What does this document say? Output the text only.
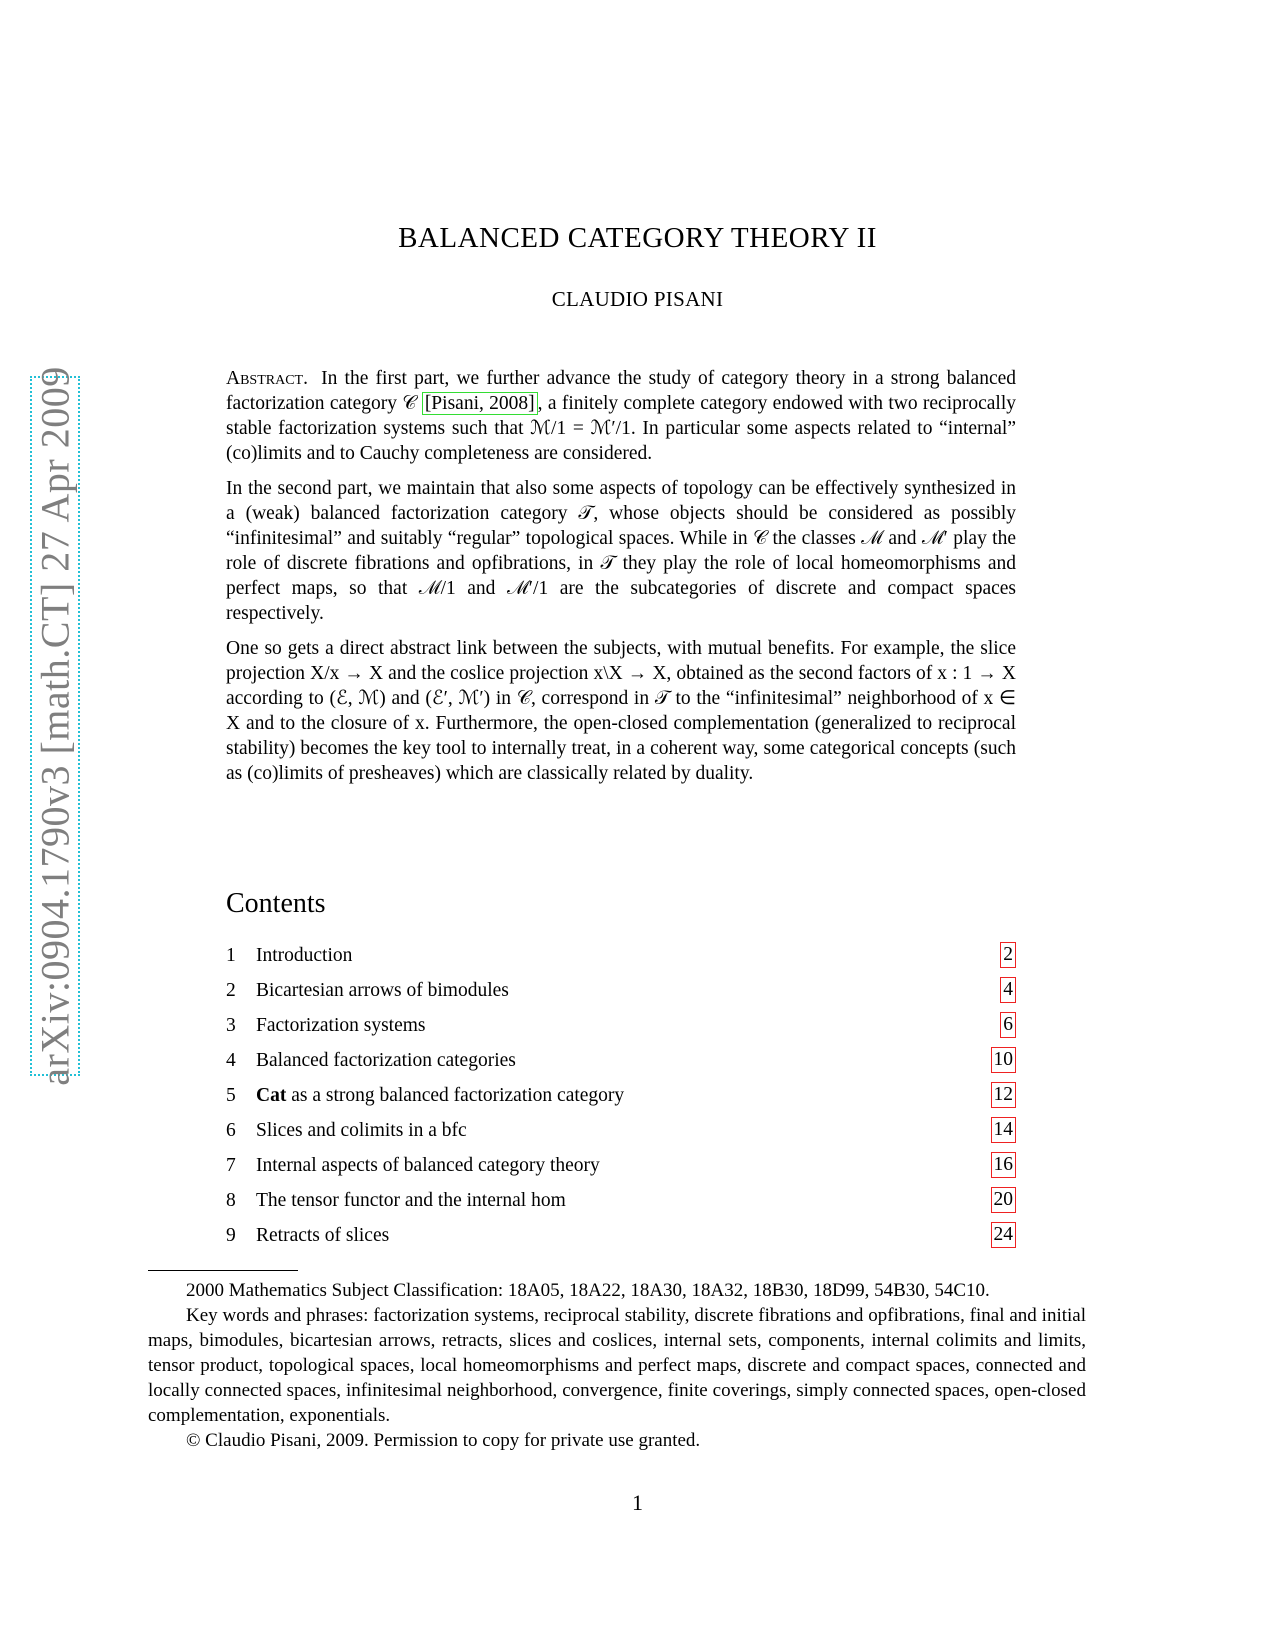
arXiv:0904.1790v3 [math.CT] 27 Apr 2009
BALANCED CATEGORY THEORY II
CLAUDIO PISANI

Abstract. In the first part, we further advance the study of category theory in a strong balanced factorization category 𝒞 [Pisani, 2008] , a finitely complete category endowed with two reciprocally stable factorization systems such that ℳ/1 = ℳ′/1. In particular some aspects related to “internal” (co)limits and to Cauchy completeness are considered.

In the second part, we maintain that also some aspects of topology can be effectively synthesized in a (weak) balanced factorization category 𝒯, whose objects should be considered as possibly “infinitesimal” and suitably “regular” topological spaces. While in 𝒞 the classes ℳ and ℳ′ play the role of discrete fibrations and opfibrations, in 𝒯 they play the role of local homeomorphisms and perfect maps, so that ℳ/1 and ℳ′/1 are the subcategories of discrete and compact spaces respectively.

One so gets a direct abstract link between the subjects, with mutual benefits. For example, the slice projection X/x → X and the coslice projection x\X → X, obtained as the second factors of x : 1 → X according to (ℰ, ℳ) and (ℰ′, ℳ′) in 𝒞, correspond in 𝒯 to the “infinitesimal” neighborhood of x ∈ X and to the closure of x. Furthermore, the open-closed complementation (generalized to reciprocal stability) becomes the key tool to internally treat, in a coherent way, some categorical concepts (such as (co)limits of presheaves) which are classically related by duality.

Contents
1	Introduction	2
2	Bicartesian arrows of bimodules	4
3	Factorization systems	6
4	Balanced factorization categories	10
5	Cat as a strong balanced factorization category	12
6	Slices and colimits in a bfc	14
7	Internal aspects of balanced category theory	16
8	The tensor functor and the internal hom	20
9	Retracts of slices	24

2000 Mathematics Subject Classification: 18A05, 18A22, 18A30, 18A32, 18B30, 18D99, 54B30, 54C10.

Key words and phrases: factorization systems, reciprocal stability, discrete fibrations and opfibrations, final and initial maps, bimodules, bicartesian arrows, retracts, slices and coslices, internal sets, components, internal colimits and limits, tensor product, topological spaces, local homeomorphisms and perfect maps, discrete and compact spaces, connected and locally connected spaces, infinitesimal neighborhood, convergence, finite coverings, simply connected spaces, open-closed complementation, exponentials.

© Claudio Pisani, 2009. Permission to copy for private use granted.

1
